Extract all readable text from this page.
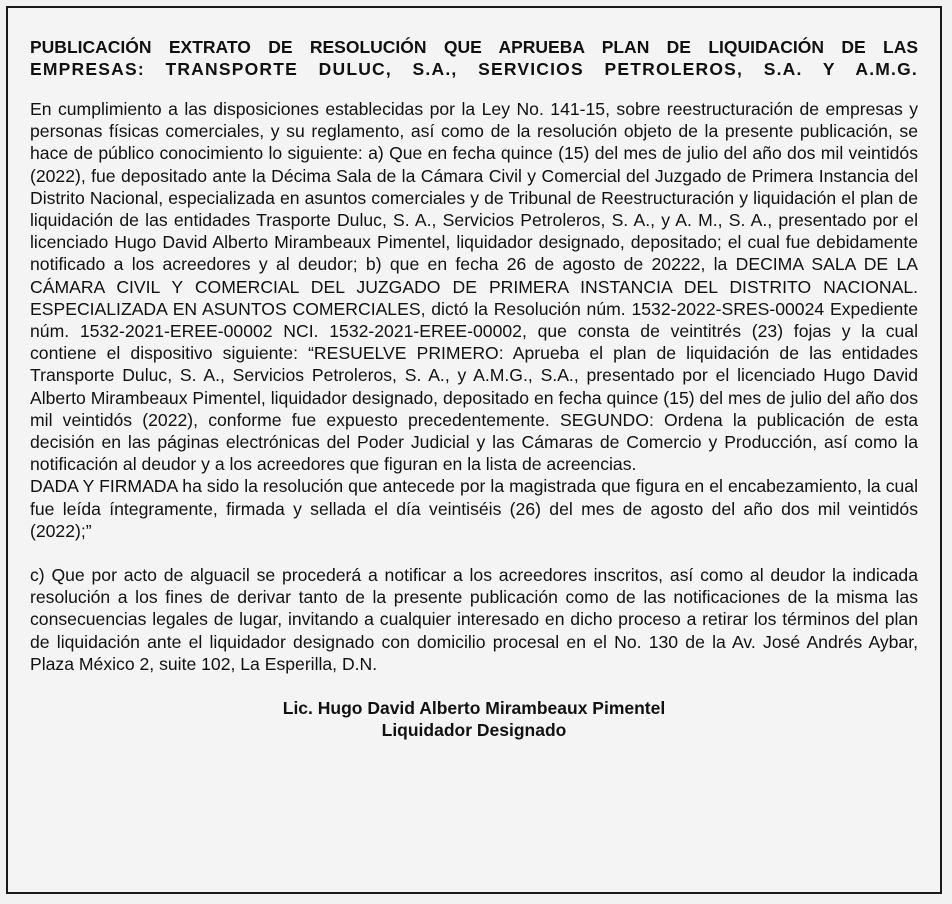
PUBLICACIÓN EXTRATO DE RESOLUCIÓN QUE APRUEBA PLAN DE LIQUIDACIÓN DE LAS
EMPRESAS: TRANSPORTE DULUC, S.A., SERVICIOS PETROLEROS, S.A. Y A.M.G.

En cumplimiento a las disposiciones establecidas por la Ley No. 141-15, sobre reestructuración de empresas y personas físicas comerciales, y su reglamento, así como de la resolución objeto de la presente publicación, se hace de público conocimiento lo siguiente: a) Que en fecha quince (15) del mes de julio del año dos mil veintidós (2022), fue depositado ante la Décima Sala de la Cámara Civil y Comercial del Juzgado de Primera Instancia del Distrito Nacional, especializada en asuntos comerciales y de Tribunal de Reestructuración y liquidación el plan de liquidación de las entidades Trasporte Duluc, S. A., Servicios Petroleros, S. A., y A. M., S. A., presentado por el licenciado Hugo David Alberto Mirambeaux Pimentel, liquidador designado, depositado; el cual fue debidamente notificado a los acreedores y al deudor; b) que en fecha 26 de agosto de 20222, la DECIMA SALA DE LA CÁMARA CIVIL Y COMERCIAL DEL JUZGADO DE PRIMERA INSTANCIA DEL DISTRITO NACIONAL. ESPECIALIZADA EN ASUNTOS COMERCIALES, dictó la Resolución núm. 1532-2022-SRES-00024 Expediente núm. 1532-2021-EREE-00002 NCI. 1532-2021-EREE-00002, que consta de veintitrés (23) fojas y la cual contiene el dispositivo siguiente: “RESUELVE PRIMERO: Aprueba el plan de liquidación de las entidades Transporte Duluc, S. A., Servicios Petroleros, S. A., y A.M.G., S.A., presentado por el licenciado Hugo David Alberto Mirambeaux Pimentel, liquidador designado, depositado en fecha quince (15) del mes de julio del año dos mil veintidós (2022), conforme fue expuesto precedentemente. SEGUNDO: Ordena la publicación de esta decisión en las páginas electrónicas del Poder Judicial y las Cámaras de Comercio y Producción, así como la notificación al deudor y a los acreedores que figuran en la lista de acreencias.

DADA Y FIRMADA ha sido la resolución que antecede por la magistrada que figura en el encabezamiento, la cual fue leída íntegramente, firmada y sellada el día veintiséis (26) del mes de agosto del año dos mil veintidós (2022);”

c) Que por acto de alguacil se procederá a notificar a los acreedores inscritos, así como al deudor la indicada resolución a los fines de derivar tanto de la presente publicación como de las notificaciones de la misma las consecuencias legales de lugar, invitando a cualquier interesado en dicho proceso a retirar los términos del plan de liquidación ante el liquidador designado con domicilio procesal en el No. 130 de la Av. José Andrés Aybar, Plaza México 2, suite 102, La Esperilla, D.N.

Lic. Hugo David Alberto Mirambeaux Pimentel
Liquidador Designado
